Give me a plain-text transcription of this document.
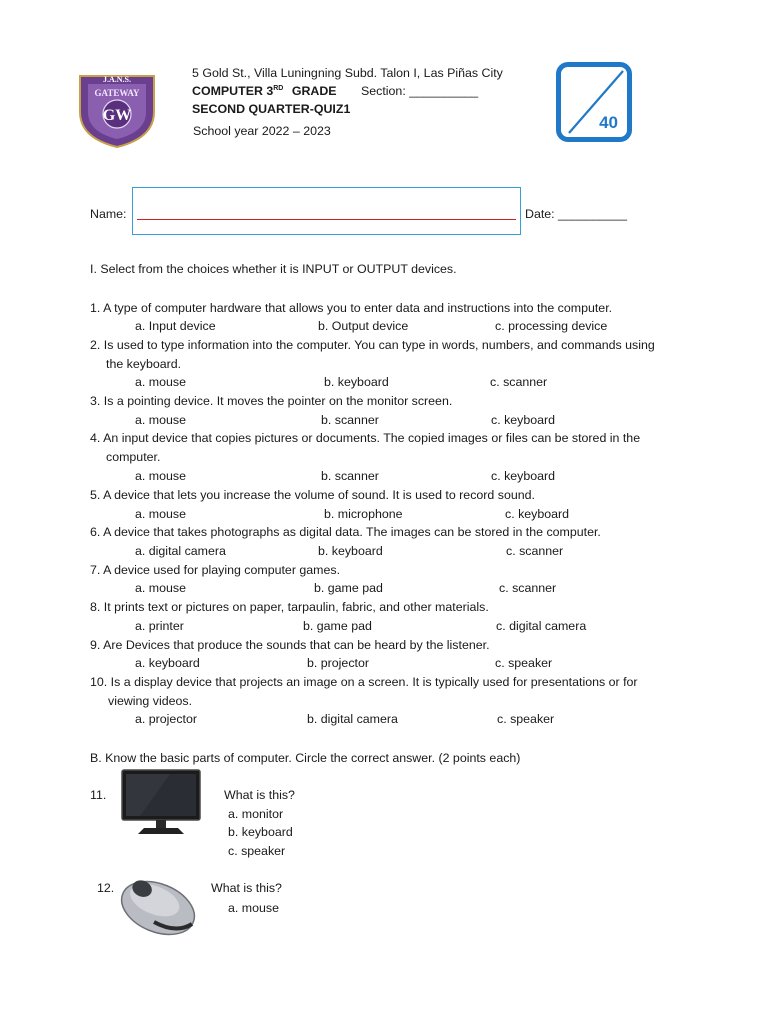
J.A.N.S.
GATEWAY
GW
5 Gold St., Villa Luningning Subd. Talon I, Las Piñas City
COMPUTER 3RD GRADE Section: __________
SECOND QUARTER-QUIZ1
School year 2022 – 2023	40
Name:	Date: __________
I. Select from the choices whether it is INPUT or OUTPUT devices.
1. A type of computer hardware that allows you to enter data and instructions into the computer.
a. Input device	b. Output device	c. processing device
2. Is used to type information into the computer. You can type in words, numbers, and commands using
the keyboard.
a. mouse	b. keyboard	c. scanner
3. Is a pointing device. It moves the pointer on the monitor screen.
a. mouse	b. scanner	c. keyboard
4. An input device that copies pictures or documents. The copied images or files can be stored in the
computer.
a. mouse	b. scanner	c. keyboard
5. A device that lets you increase the volume of sound. It is used to record sound.
a. mouse	b. microphone	c. keyboard
6. A device that takes photographs as digital data. The images can be stored in the computer.
a. digital camera	b. keyboard	c. scanner
7. A device used for playing computer games.
a. mouse	b. game pad	c. scanner
8. It prints text or pictures on paper, tarpaulin, fabric, and other materials.
a. printer	b. game pad	c. digital camera
9. Are Devices that produce the sounds that can be heard by the listener.
a. keyboard	b. projector	c. speaker
10. Is a display device that projects an image on a screen. It is typically used for presentations or for
viewing videos.
a. projector	b. digital camera	c. speaker
B. Know the basic parts of computer. Circle the correct answer. (2 points each)
11.	What is this?
a. monitor
b. keyboard
c. speaker
12.	What is this?
a. mouse
